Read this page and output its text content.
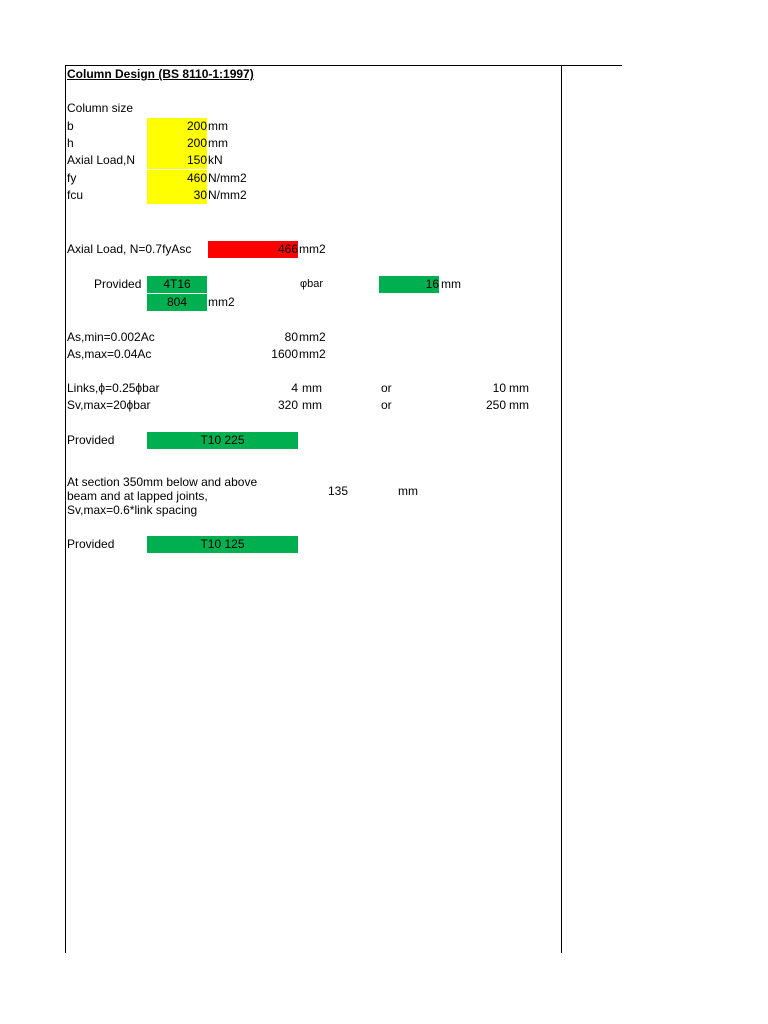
Column Design (BS 8110-1:1997)
Column size
b	200 mm
h	200 mm
Axial Load,N	150 kN
fy	460 N/mm2
fcu	30 N/mm2
Axial Load, N=0.7fyAsc	466 mm2
Provided	4T16	φbar	16 mm
804	mm2
As,min=0.002Ac	80 mm2
As,max=0.04Ac	1600 mm2
Links,ϕ=0.25ϕbar	4 mm	or	10 mm
Sv,max=20ϕbar	320 mm	or	250 mm
Provided	T10 225
At section 350mm below and above
beam and at lapped joints,
Sv,max=0.6*link spacing
135	mm
Provided	T10 125
